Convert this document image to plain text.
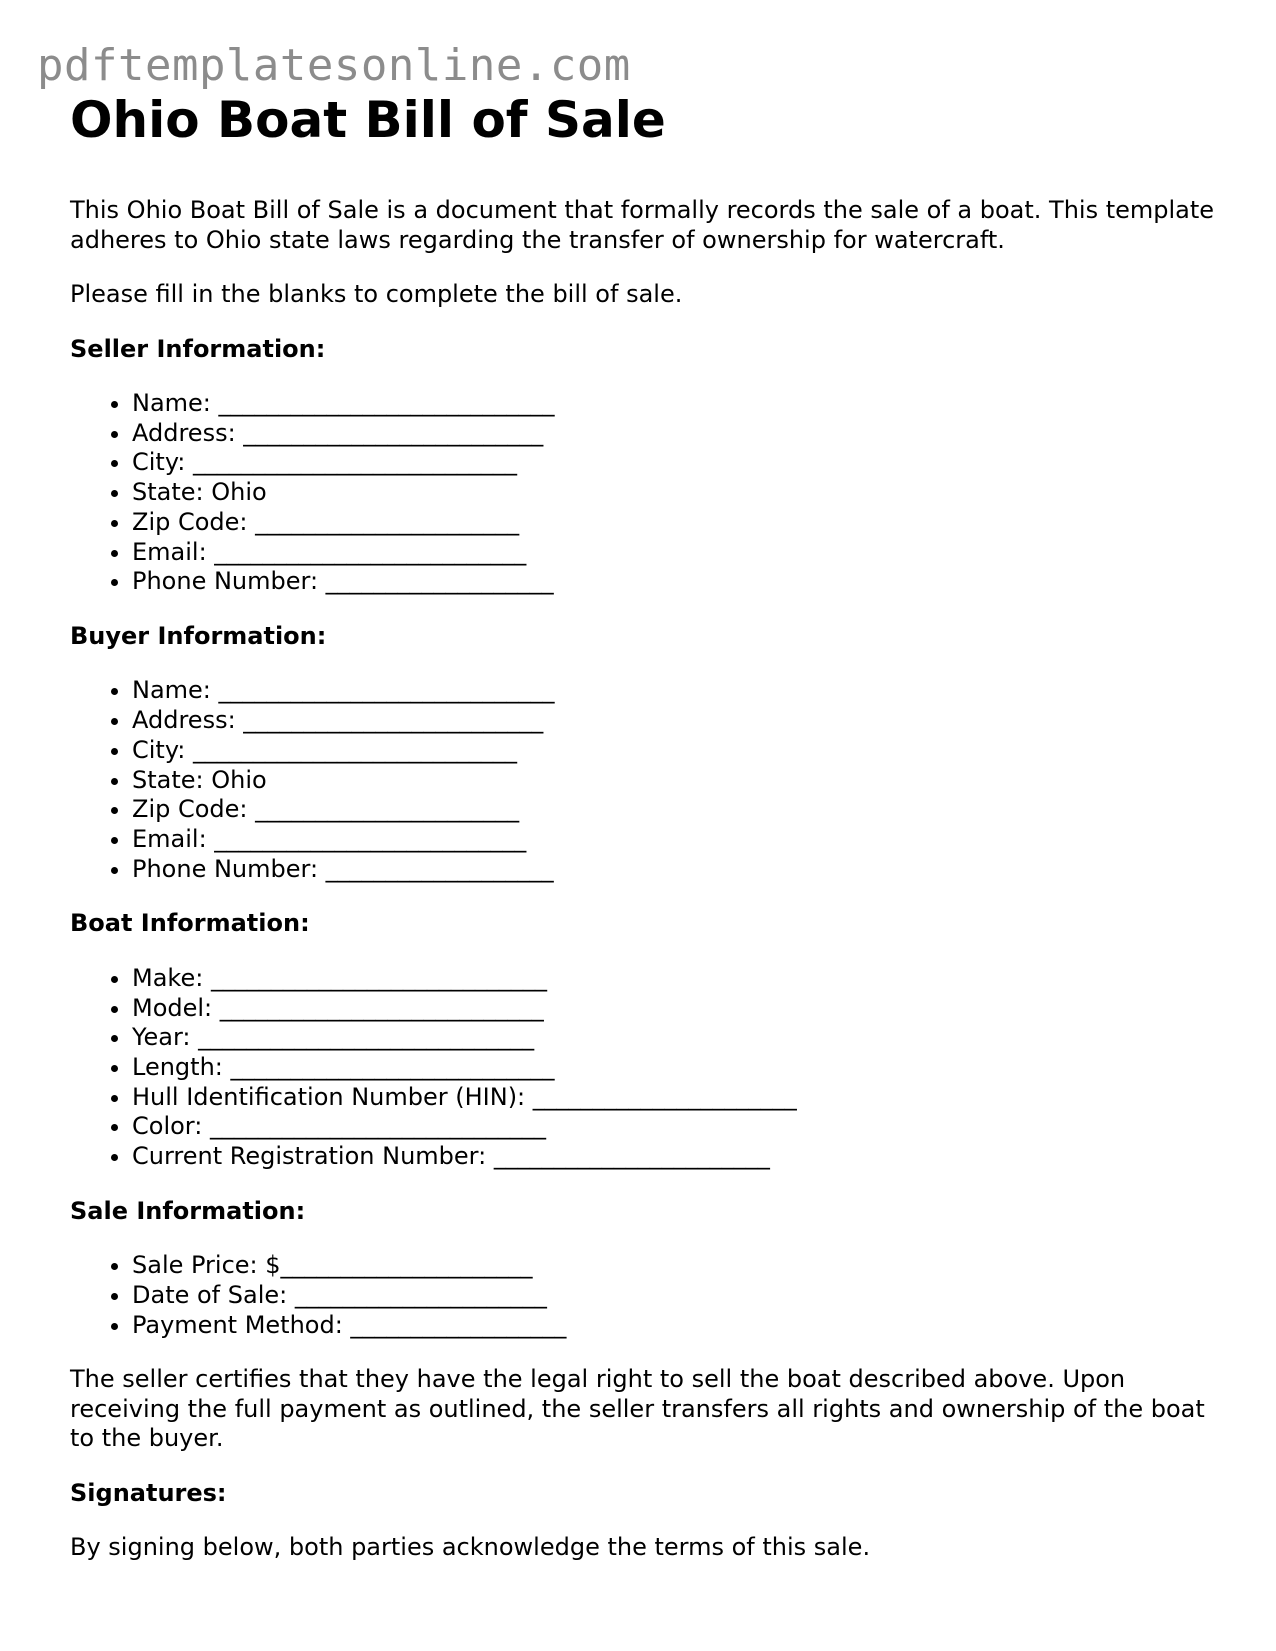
pdftemplatesonline.com
Ohio Boat Bill of Sale

This Ohio Boat Bill of Sale is a document that formally records the sale of a boat. This template adheres to Ohio state laws regarding the transfer of ownership for watercraft.

Please fill in the blanks to complete the bill of sale.

Seller Information:
• Name: ____________________________
• Address: _________________________
• City: ___________________________
• State: Ohio
• Zip Code: ______________________
• Email: __________________________
• Phone Number: ___________________
Buyer Information:
• Name: ____________________________
• Address: _________________________
• City: ___________________________
• State: Ohio
• Zip Code: ______________________
• Email: __________________________
• Phone Number: ___________________
Boat Information:
• Make: ____________________________
• Model: ___________________________
• Year: ____________________________
• Length: ___________________________
• Hull Identification Number (HIN): ______________________
• Color: ____________________________
• Current Registration Number: _______________________
Sale Information:
• Sale Price: $_____________________
• Date of Sale: _____________________
• Payment Method: __________________

The seller certifies that they have the legal right to sell the boat described above. Upon receiving the full payment as outlined, the seller transfers all rights and ownership of the boat to the buyer.

Signatures:

By signing below, both parties acknowledge the terms of this sale.
